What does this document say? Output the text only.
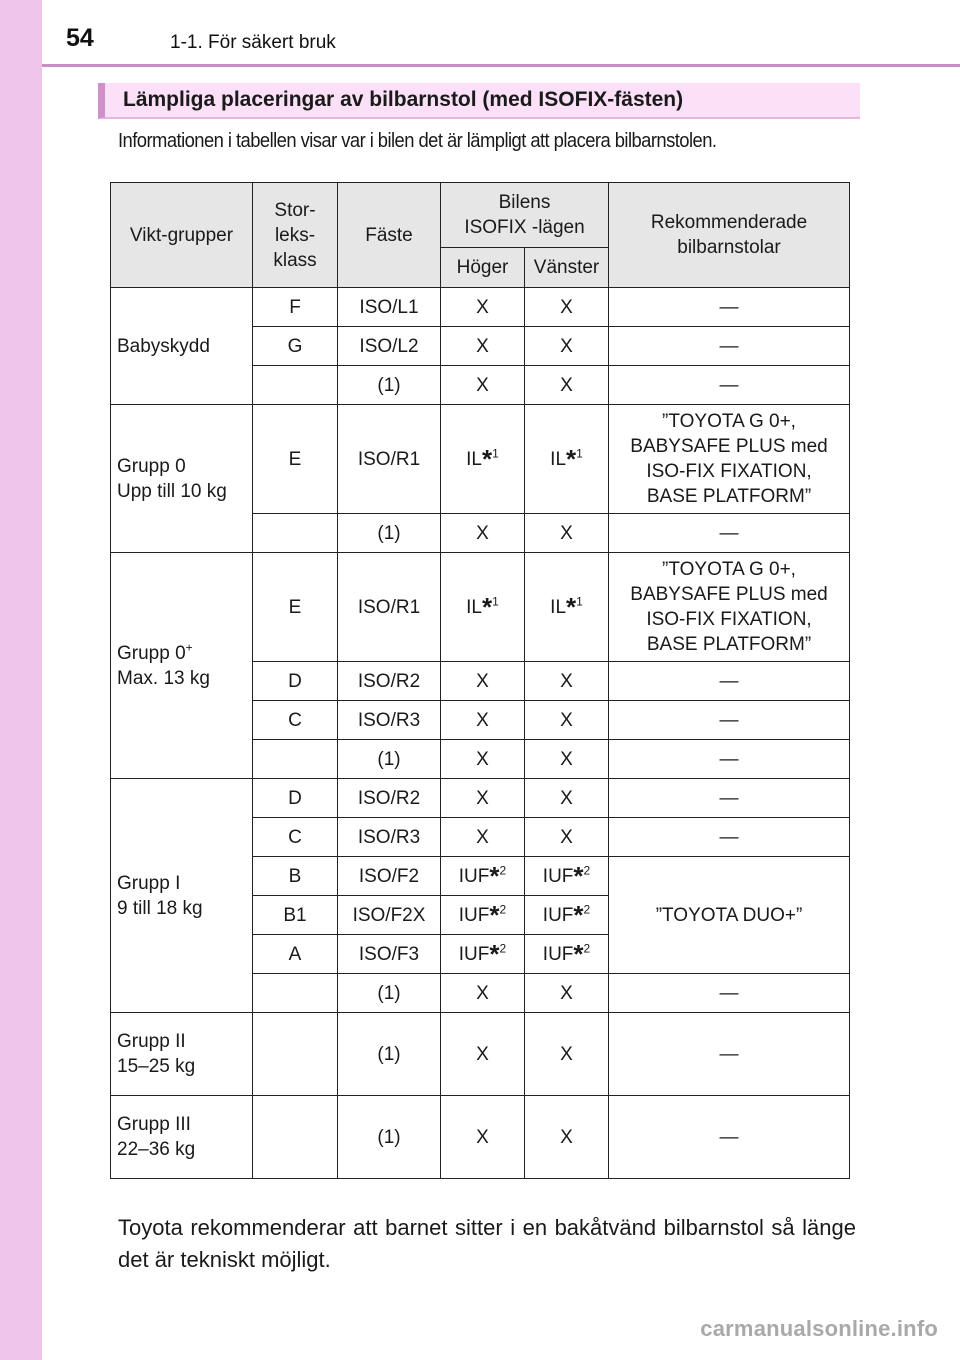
54	1-1. För säkert bruk
Lämpliga placeringar av bilbarnstol (med ISOFIX-fästen)
Informationen i tabellen visar var i bilen det är lämpligt att placera bilbarnstolen.
Vikt-grupper	Stor-
leks-
klass	Fäste	Bilens
ISOFIX -lägen		Rekommenderade
bilbarnstolar
			Höger	Vänster	
Babyskydd	F	ISO/L1	X	X	—
	G	ISO/L2	X	X	—
		(1)	X	X	—
Grupp 0
Upp till 10 kg	E	ISO/R1	IL*$^1$	IL*$^1$	”TOYOTA G 0+,
BABYSAFE PLUS med
ISO-FIX FIXATION,
BASE PLATFORM”
		(1)	X	X	—
Grupp 0+
Max. 13 kg	E	ISO/R1	IL*$^1$	IL*$^1$	”TOYOTA G 0+,
BABYSAFE PLUS med
ISO-FIX FIXATION,
BASE PLATFORM”
	D	ISO/R2	X	X	—
	C	ISO/R3	X	X	—
		(1)	X	X	—
Grupp I
9 till 18 kg	D	ISO/R2	X	X	—
	C	ISO/R3	X	X	—
	B	ISO/F2	IUF*$^2$	IUF*$^2$	”TOYOTA DUO+”
	B1	ISO/F2X	IUF*$^2$	IUF*$^2$
	A	ISO/F3	IUF*$^2$	IUF*$^2$
		(1)	X	X	—
Grupp II
15–25 kg		(1)	X	X	—
Grupp III
22–36 kg		(1)	X	X	—
Toyota rekommenderar att barnet sitter i en bakåtvänd bilbarnstol så länge det är tekniskt möjligt.
carmanualsonline.info
